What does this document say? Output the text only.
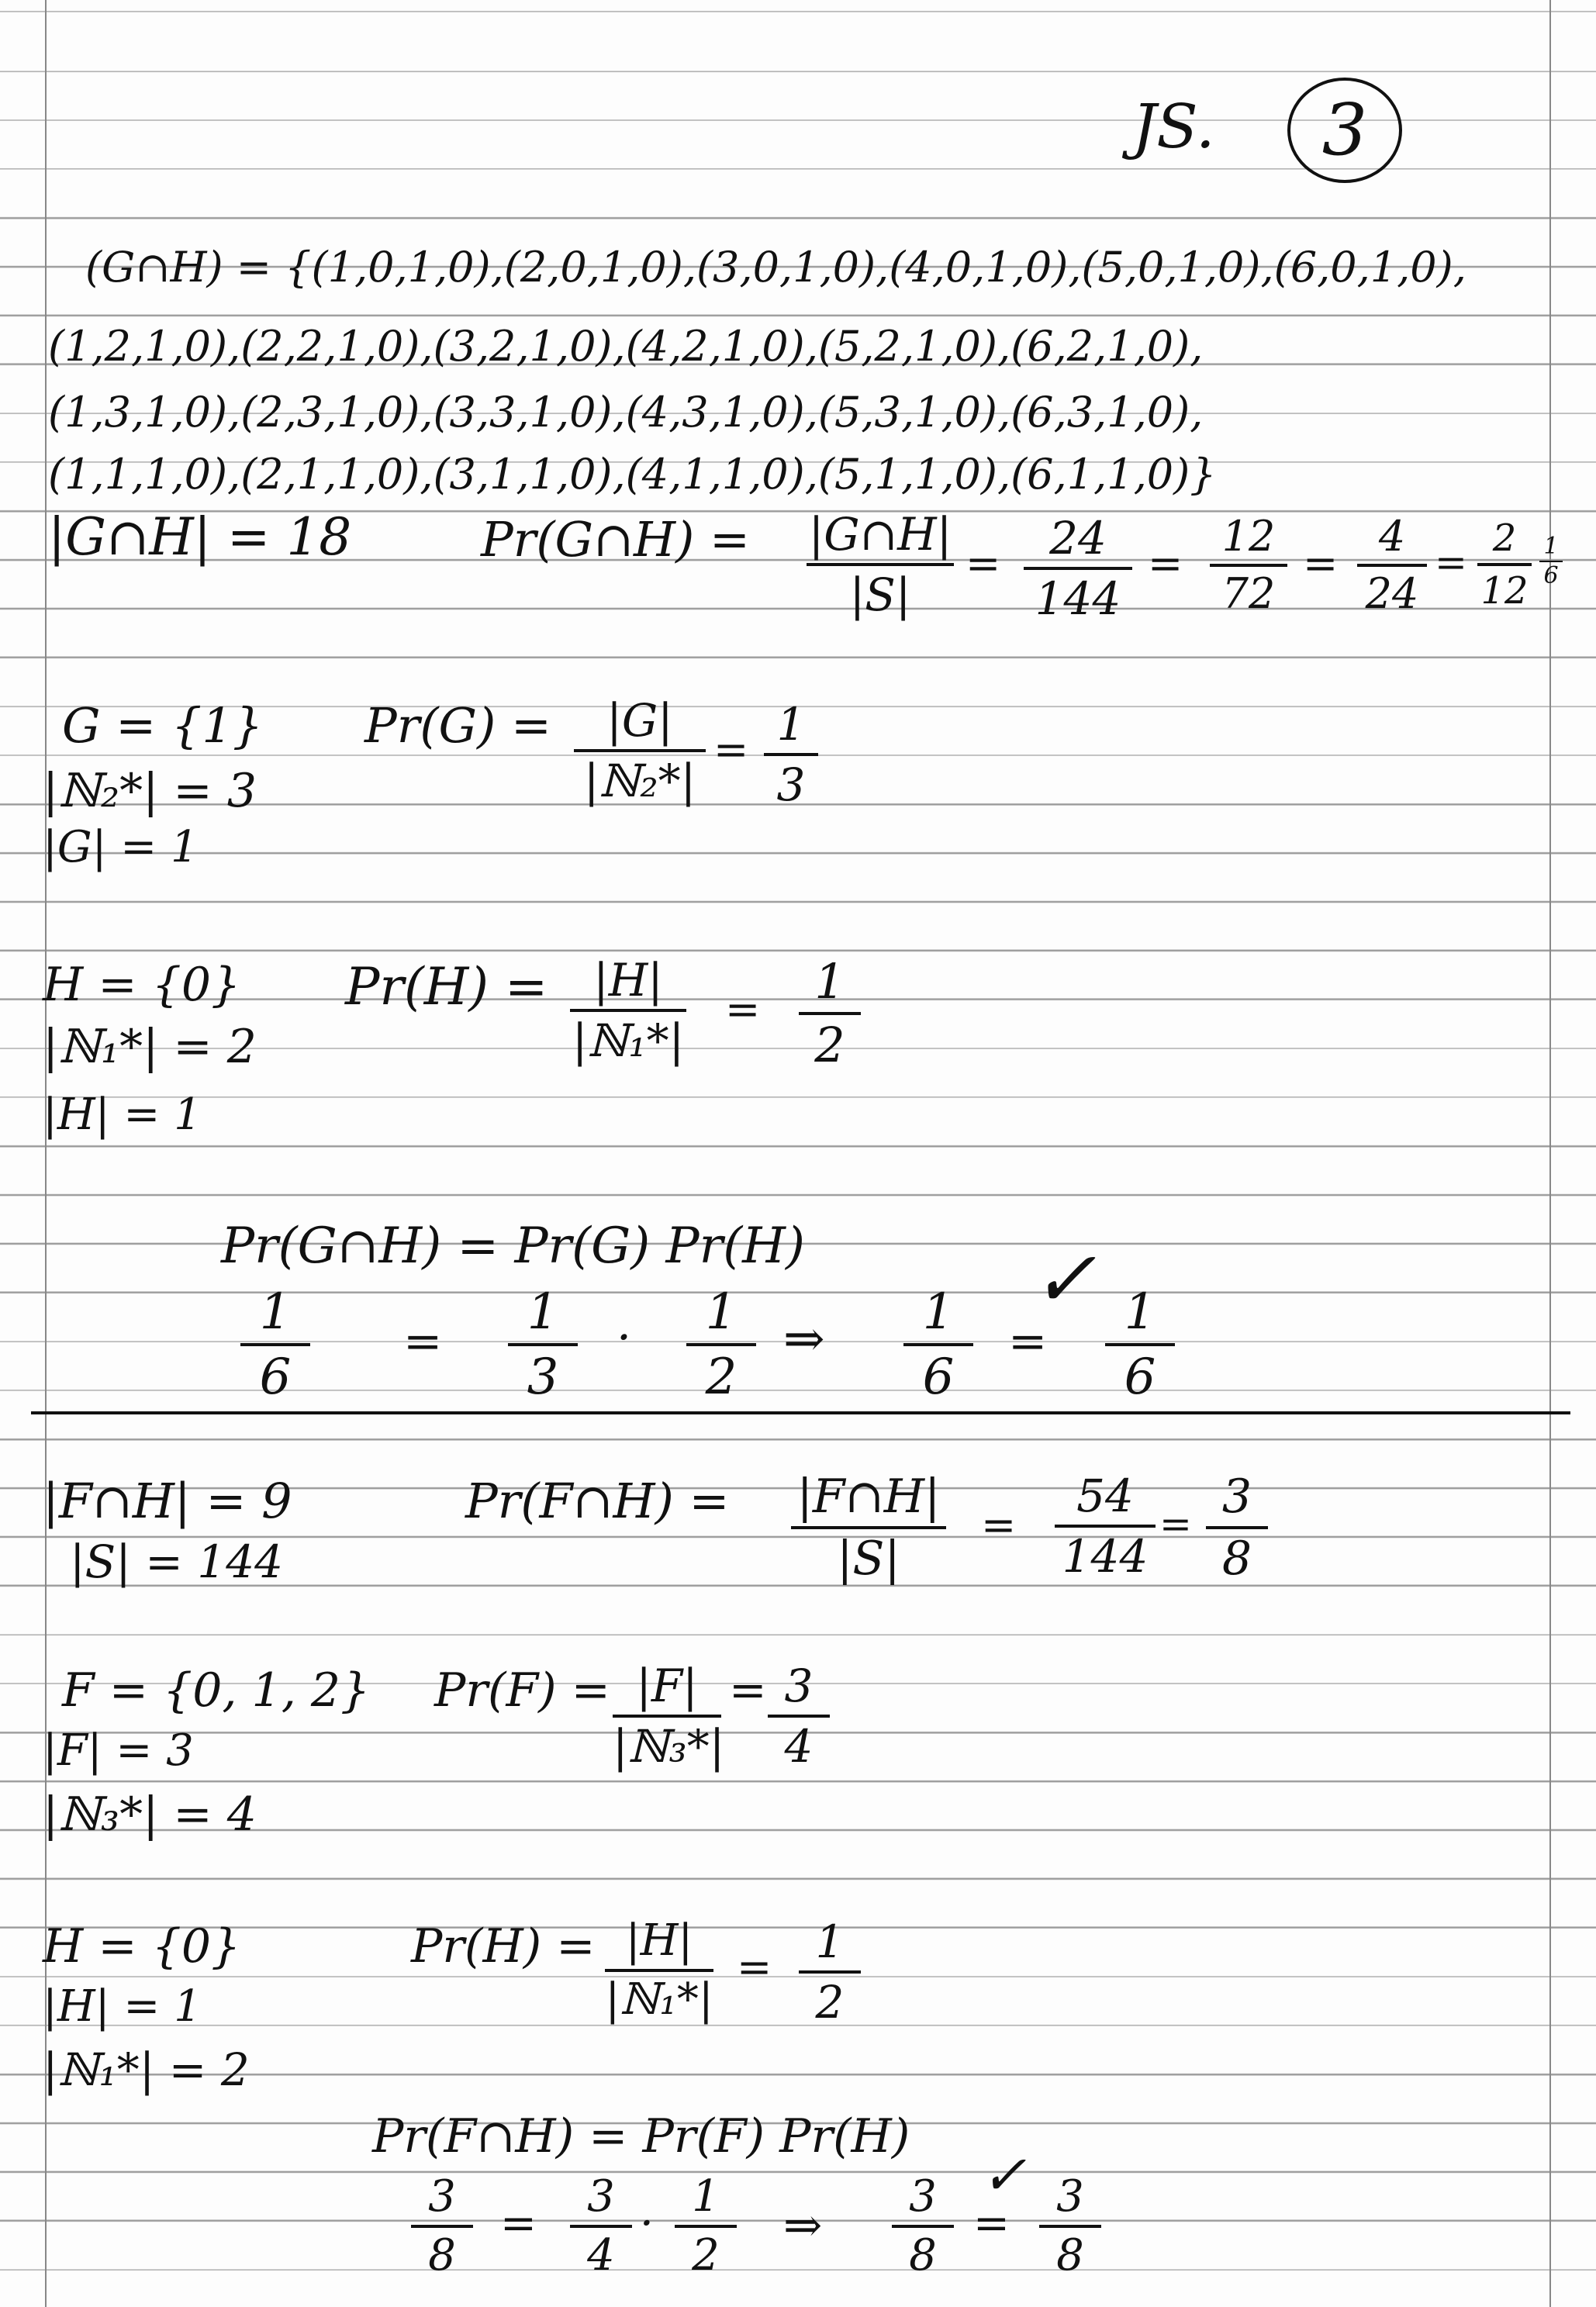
JS.	3
(G∩H) = {(1,0,1,0),(2,0,1,0),(3,0,1,0),(4,0,1,0),(5,0,1,0),(6,0,1,0),
(1,2,1,0),(2,2,1,0),(3,2,1,0),(4,2,1,0),(5,2,1,0),(6,2,1,0),
(1,3,1,0),(2,3,1,0),(3,3,1,0),(4,3,1,0),(5,3,1,0),(6,3,1,0),
(1,1,1,0),(2,1,1,0),(3,1,1,0),(4,1,1,0),(5,1,1,0),(6,1,1,0)}
|G∩H| = 18	Pr(G∩H) = |G∩H|
|S|
=	24
144
=
12
72
=
4
24
=
2
12
1
6
G = {1}
|ℕ₂*| = 3
|G| = 1
Pr(G) =	|G|
|ℕ₂*|
= 1
3
H = {0}
|ℕ₁*| = 2
|H| = 1
Pr(H) =	|H|
|ℕ₁*|
=	1
2
Pr(G∩H) = Pr(G) Pr(H)
1
6
=
1
3
·	1
2
⇒	1
6
=
✓ 1
6
|F∩H| = 9
|S| = 144
Pr(F∩H) = |F∩H|
|S|
=
54
144
= 3
8
F = {0, 1, 2}
|F| = 3
|ℕ₃*| = 4
Pr(F) = |F|
|ℕ₃*|
= 3
4
H = {0}
|H| = 1
|ℕ₁*| = 2
Pr(H) = |H|
|ℕ₁*|
= 1
2
Pr(F∩H) = Pr(F) Pr(H)
3
8
=
3
4
·
1
2
⇒
3
8
=
✓ 3
8
